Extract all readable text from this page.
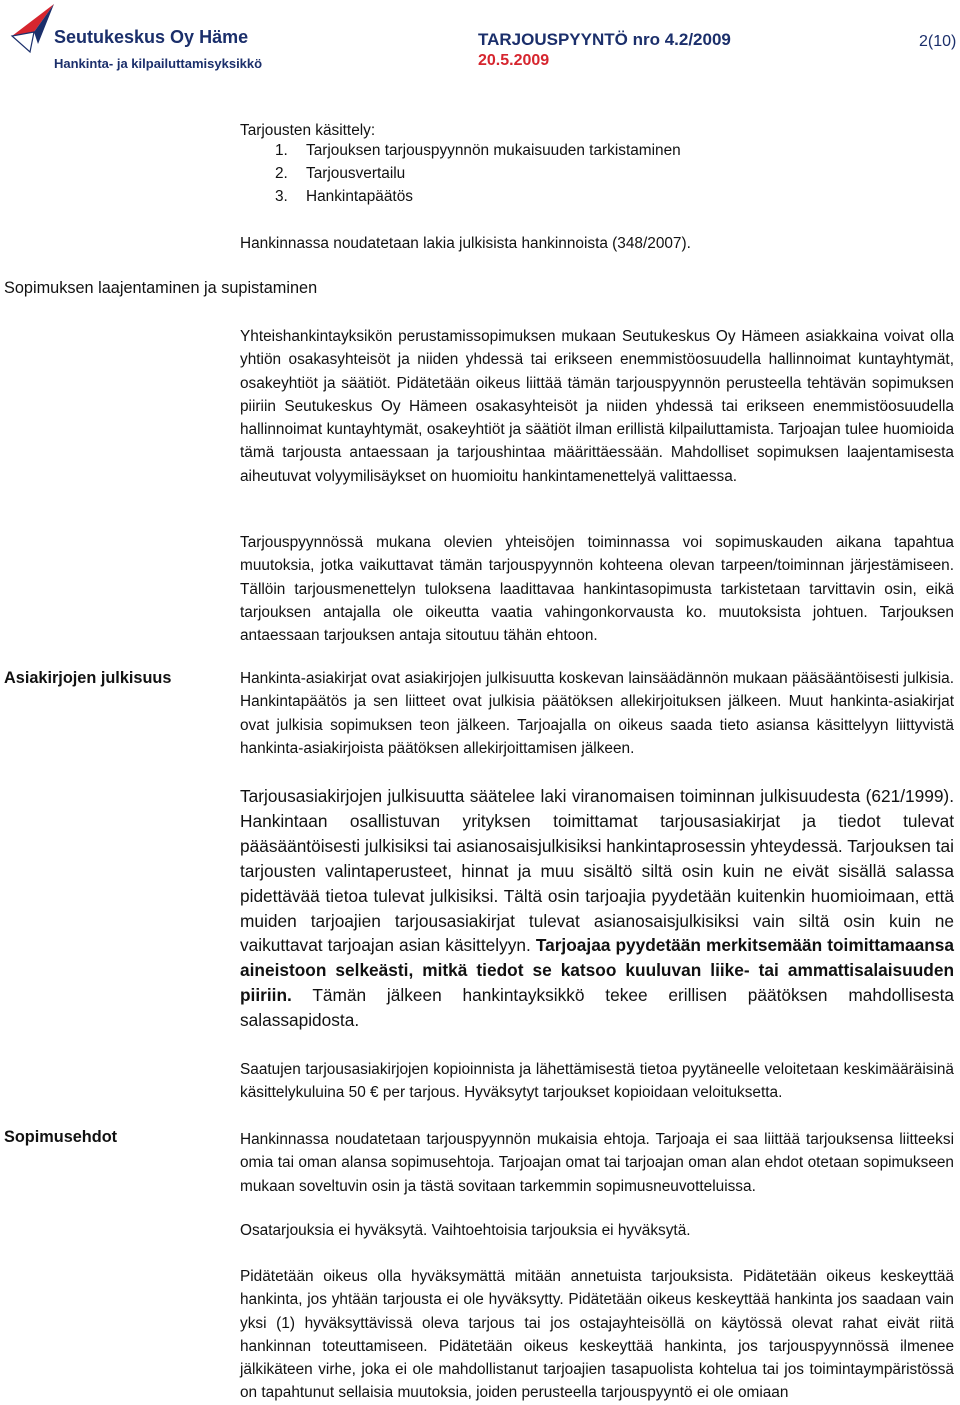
Seutukeskus Oy Häme
Hankinta- ja kilpailuttamisyksikkö
TARJOUSPYYNTÖ nro 4.2/2009
20.5.2009
2(10)
Tarjousten käsittely:
1. Tarjouksen tarjouspyynnön mukaisuuden tarkistaminen
2. Tarjousvertailu
3. Hankintapäätös
Hankinnassa noudatetaan lakia julkisista hankinnoista (348/2007).
Sopimuksen laajentaminen ja supistaminen
Asiakirjojen julkisuus
Sopimusehdot
Yhteishankintayksikön perustamissopimuksen mukaan Seutukeskus Oy Hämeen asiakkaina voivat olla yhtiön osakasyhteisöt ja niiden yhdessä tai erikseen enemmistöosuudella hallinnoimat kuntayhtymät, osakeyhtiöt ja säätiöt. Pidätetään oikeus liittää tämän tarjouspyynnön perusteella tehtävän sopimuksen piiriin Seutukeskus Oy Hämeen osakasyhteisöt ja niiden yhdessä tai erikseen enemmistöosuudella hallinnoimat kuntayhtymät, osakeyhtiöt ja säätiöt ilman erillistä kilpailuttamista. Tarjoajan tulee huomioida tämä tarjousta antaessaan ja tarjoushintaa määrittäessään. Mahdolliset sopimuksen laajentamisesta aiheutuvat volyymilisäykset on huomioitu hankintamenettelyä valittaessa.
Tarjouspyynnössä mukana olevien yhteisöjen toiminnassa voi sopimuskauden aikana tapahtua muutoksia, jotka vaikuttavat tämän tarjouspyynnön kohteena olevan tarpeen/toiminnan järjestämiseen. Tällöin tarjousmenettelyn tuloksena laadittavaa hankintasopimusta tarkistetaan tarvittavin osin, eikä tarjouksen antajalla ole oikeutta vaatia vahingonkorvausta ko. muutoksista johtuen. Tarjouksen antaessaan tarjouksen antaja sitoutuu tähän ehtoon.
Hankinta-asiakirjat ovat asiakirjojen julkisuutta koskevan lainsäädännön mukaan pääsääntöisesti julkisia. Hankintapäätös ja sen liitteet ovat julkisia päätöksen allekirjoituksen jälkeen. Muut hankinta-asiakirjat ovat julkisia sopimuksen teon jälkeen. Tarjoajalla on oikeus saada tieto asiansa käsittelyyn liittyvistä hankinta-asiakirjoista päätöksen allekirjoittamisen jälkeen.
Tarjousasiakirjojen julkisuutta säätelee laki viranomaisen toiminnan julkisuudesta (621/1999). Hankintaan osallistuvan yrityksen toimittamat tarjousasiakirjat ja tiedot tulevat pääsääntöisesti julkisiksi tai asianosaisjulkisiksi hankintaprosessin yhteydessä. Tarjouksen tai tarjousten valintaperusteet, hinnat ja muu sisältö siltä osin kuin ne eivät sisällä salassa pidettävää tietoa tulevat julkisiksi. Tältä osin tarjoajia pyydetään kuitenkin huomioimaan, että muiden tarjoajien tarjousasiakirjat tulevat asianosaisjulkisiksi vain siltä osin kuin ne vaikuttavat tarjoajan asian käsittelyyn. Tarjoajaa pyydetään merkitsemään toimittamaansa aineistoon selkeästi, mitkä tiedot se katsoo kuuluvan liike- tai ammattisalaisuuden piiriin. Tämän jälkeen hankintayksikkö tekee erillisen päätöksen mahdollisesta salassapidosta.
Saatujen tarjousasiakirjojen kopioinnista ja lähettämisestä tietoa pyytäneelle veloitetaan keskimääräisinä käsittelykuluina 50 € per tarjous. Hyväksytyt tarjoukset kopioidaan veloituksetta.
Hankinnassa noudatetaan tarjouspyynnön mukaisia ehtoja. Tarjoaja ei saa liittää tarjouksensa liitteeksi omia tai oman alansa sopimusehtoja. Tarjoajan omat tai tarjoajan oman alan ehdot otetaan sopimukseen mukaan soveltuvin osin ja tästä sovitaan tarkemmin sopimusneuvotteluissa.
Osatarjouksia ei hyväksytä. Vaihtoehtoisia tarjouksia ei hyväksytä.
Pidätetään oikeus olla hyväksymättä mitään annetuista tarjouksista. Pidätetään oikeus keskeyttää hankinta, jos yhtään tarjousta ei ole hyväksytty. Pidätetään oikeus keskeyttää hankinta jos saadaan vain yksi (1) hyväksyttävissä oleva tarjous tai jos ostajayhteisöllä on käytössä olevat rahat eivät riitä hankinnan toteuttamiseen. Pidätetään oikeus keskeyttää hankinta, jos tarjouspyynnössä ilmenee jälkikäteen virhe, joka ei ole mahdollistanut tarjoajien tasapuolista kohtelua tai jos toimintaympäristössä on tapahtunut sellaisia muutoksia, joiden perusteella tarjouspyyntö ei ole omiaan
